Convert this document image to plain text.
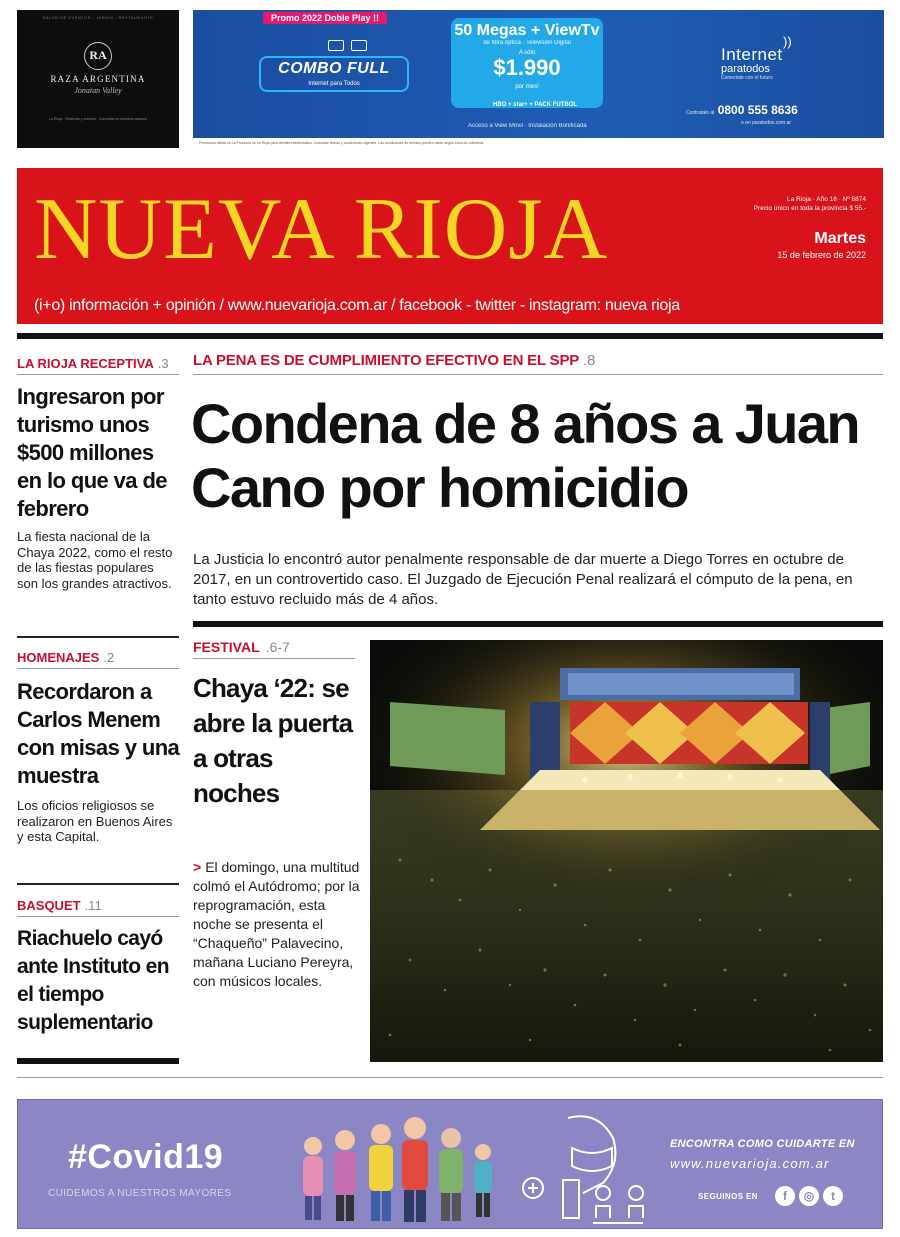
SALÓN DE EVENTOS · JARDÍN · RESTAURANTE
RA
RAZA ARGENTINA
Jonatan Valley
La Rioja · Reservas y eventos · Consultas en nuestros salones
Promo 2022 Doble Play !!
COMBO FULL
Internet para Todos
50 Megas + ViewTv
de fibra óptica · Televisión Digital
A sólo
$1.990
por mes!
HBO + star+ + PACK FUTBOL
Acceso a View Móvil · Instalación Bonificada
))
Internet
paratodos
Conectate con el futuro
Contratalo al 0800 555 8636
o en paratodos.com.ar
Promoción válida en La Provincia de La Rioja para clientes residenciales. Consultar fechas y condiciones vigentes. Las condiciones de servicio pueden variar según zona de cobertura.
NUEVA RIOJA	La Rioja · Año 18 · Nº 6874
Precio único en toda la provincia $ 55.-
Martes
15 de febrero de 2022
(i+o) información + opinión / www.nuevarioja.com.ar / facebook - twitter - instagram: nueva rioja
LA RIOJA RECEPTIVA .3
Ingresaron por turismo unos $500 millones en lo que va de febrero
La fiesta nacional de la Chaya 2022, como el resto de las fiestas populares son los grandes atractivos.
HOMENAJES .2
Recordaron a Carlos Menem con misas y una muestra
Los oficios religiosos se realizaron en Buenos Aires y esta Capital.
BASQUET .11
Riachuelo cayó ante Instituto en el tiempo suplementario
LA PENA ES DE CUMPLIMIENTO EFECTIVO EN EL SPP .8
Condena de 8 años a Juan Cano por homicidio
La Justicia lo encontró autor penalmente responsable de dar muerte a Diego Torres en octubre de 2017, en un controvertido caso. El Juzgado de Ejecución Penal realizará el cómputo de la pena, en tanto estuvo recluido más de 4 años.
FESTIVAL .6-7
Chaya ‘22: se abre la puerta a otras noches
> El domingo, una multitud colmó el Autódromo; por la reprogramación, esta noche se presenta el “Chaqueño” Palavecino, mañana Luciano Pereyra, con músicos locales.
#Covid19
CUIDEMOS A NUESTROS MAYORES
ENCONTRA COMO CUIDARTE EN
www.nuevarioja.com.ar
SEGUINOS EN	f	◎	t
